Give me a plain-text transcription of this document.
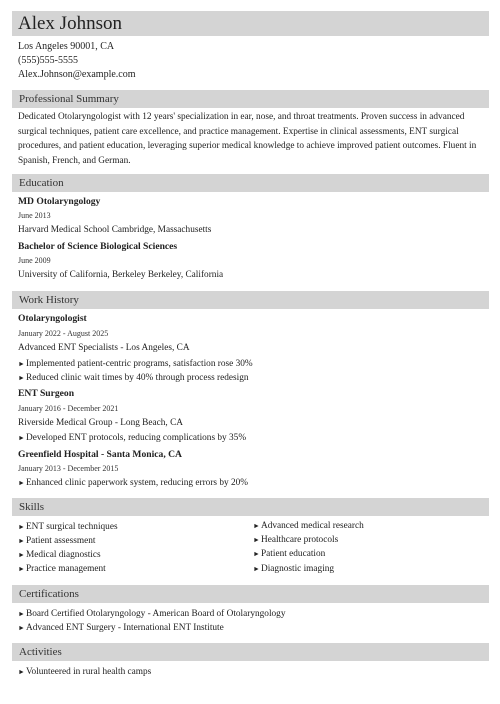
Alex Johnson
Los Angeles 90001, CA
(555)555-5555
Alex.Johnson@example.com
Professional Summary
Dedicated Otolaryngologist with 12 years' specialization in ear, nose, and throat treatments. Proven success in advanced surgical techniques, patient care excellence, and practice management. Expertise in clinical assessments, ENT surgical procedures, and patient education, leveraging superior medical knowledge to achieve improved patient outcomes. Fluent in Spanish, French, and German.
Education
MD Otolaryngology
June 2013
Harvard Medical School Cambridge, Massachusetts
Bachelor of Science Biological Sciences
June 2009
University of California, Berkeley Berkeley, California
Work History
Otolaryngologist
January 2022 - August 2025
Advanced ENT Specialists - Los Angeles, CA
► Implemented patient-centric programs, satisfaction rose 30%
► Reduced clinic wait times by 40% through process redesign
ENT Surgeon
January 2016 - December 2021
Riverside Medical Group - Long Beach, CA
► Developed ENT protocols, reducing complications by 35%
Greenfield Hospital - Santa Monica, CA
January 2013 - December 2015
► Enhanced clinic paperwork system, reducing errors by 20%
Skills
► ENT surgical techniques
► Patient assessment
► Medical diagnostics
► Practice management
► Advanced medical research
► Healthcare protocols
► Patient education
► Diagnostic imaging
Certifications
► Board Certified Otolaryngology - American Board of Otolaryngology
► Advanced ENT Surgery - International ENT Institute
Activities
► Volunteered in rural health camps
